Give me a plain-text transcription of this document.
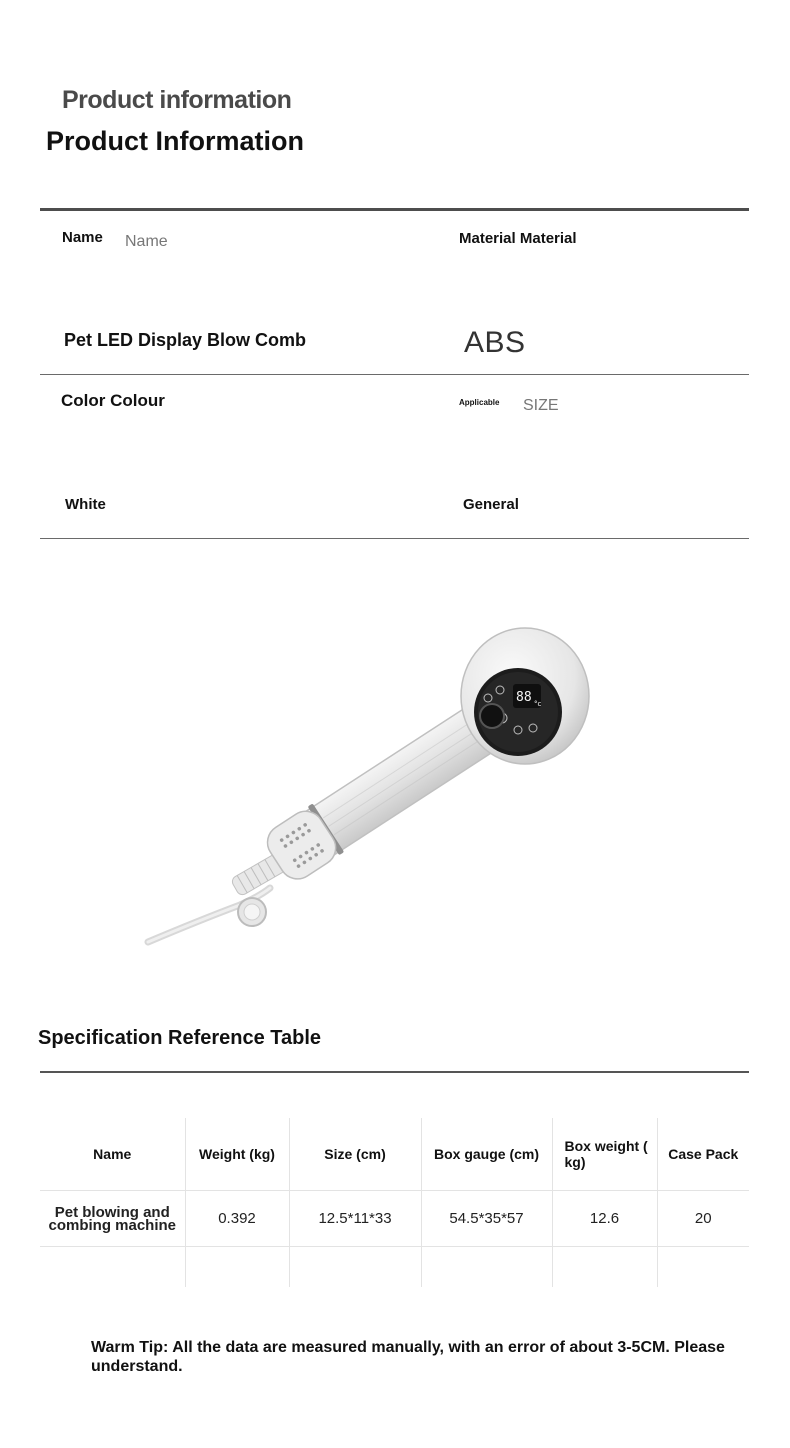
Product information
Product Information
Name Name	Material Material
Pet LED Display Blow Comb	ABS
Color Colour	Applicable SIZE
White	General
88 °c
Specification Reference Table
Name	Weight (kg)	Size (cm)	Box gauge (cm)	Box weight ( kg)	Case Pack
Pet blowing and combing machine	0.392	12.5*11*33	54.5*35*57	12.6	20

Warm Tip: All the data are measured manually, with an error of about 3-5CM. Please understand.
